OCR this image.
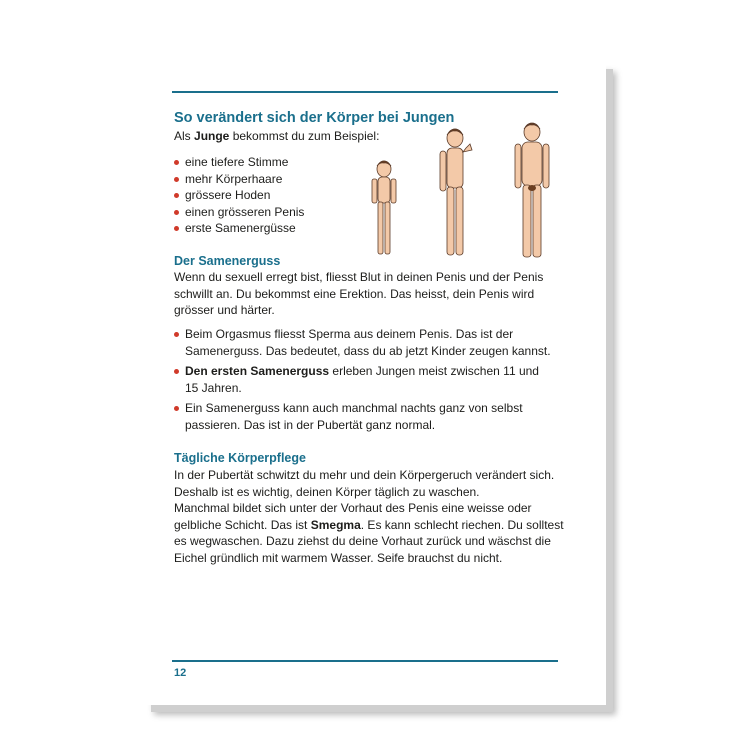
So verändert sich der Körper bei Jungen
Als Junge bekommst du zum Beispiel:
eine tiefere Stimme
mehr Körperhaare
grössere Hoden
einen grösseren Penis
erste Samenergüsse
Der Samenerguss
Wenn du sexuell erregt bist, fliesst Blut in deinen Penis und der Penis
schwillt an. Du bekommst eine Erektion. Das heisst, dein Penis wird
grösser und härter.
Beim Orgasmus fliesst Sperma aus deinem Penis. Das ist der
Samenerguss. Das bedeutet, dass du ab jetzt Kinder zeugen kannst.
Den ersten Samenerguss erleben Jungen meist zwischen 11 und
15 Jahren.
Ein Samenerguss kann auch manchmal nachts ganz von selbst
passieren. Das ist in der Pubertät ganz normal.
Tägliche Körperpflege
In der Pubertät schwitzt du mehr und dein Körpergeruch verändert sich.
Deshalb ist es wichtig, deinen Körper täglich zu waschen.
Manchmal bildet sich unter der Vorhaut des Penis eine weisse oder
gelbliche Schicht. Das ist Smegma. Es kann schlecht riechen. Du solltest
es wegwaschen. Dazu ziehst du deine Vorhaut zurück und wäschst die
Eichel gründlich mit warmem Wasser. Seife brauchst du nicht.
12
